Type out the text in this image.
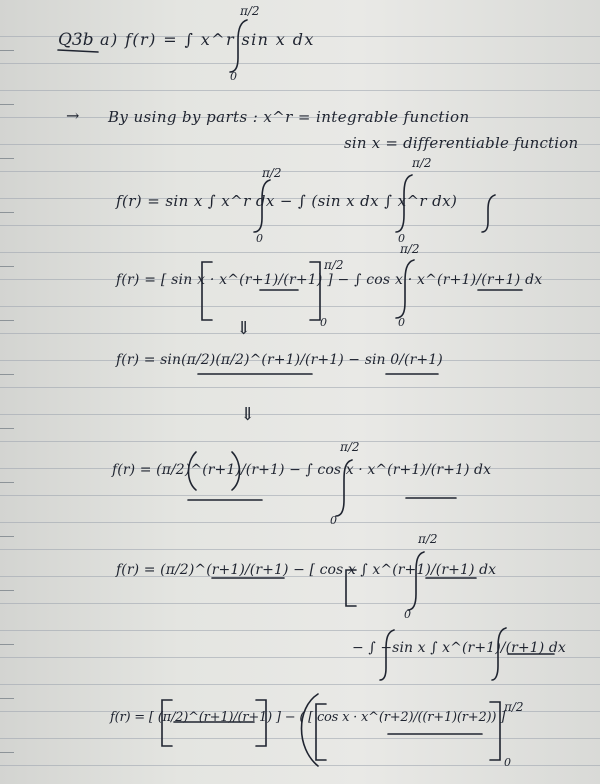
Q3b a) f(r) = ∫ x^r sin x dx
π/2
0
→ By using by parts : x^r = integrable function
sin x = differentiable function
f(r) = sin x ∫ x^r dx − ∫ (sin x dx ∫ x^r dx)
π/2
0
π/2
0
f(r) = [ sin x · x^(r+1)/(r+1) ] − ∫ cos x · x^(r+1)/(r+1) dx
π/2
0
π/2
0
⇓
f(r) = sin(π/2)(π/2)^(r+1)/(r+1) − sin 0/(r+1)
⇓
f(r) = (π/2)^(r+1)/(r+1) − ∫ cos x · x^(r+1)/(r+1) dx
π/2
0
f(r) = (π/2)^(r+1)/(r+1) − [ cos x ∫ x^(r+1)/(r+1) dx
π/2
0
− ∫ −sin x ∫ x^(r+1)/(r+1) dx
f(r) = [ (π/2)^(r+1)/(r+1) ] − ( [ cos x · x^(r+2)/((r+1)(r+2)) ]
π/2
0
